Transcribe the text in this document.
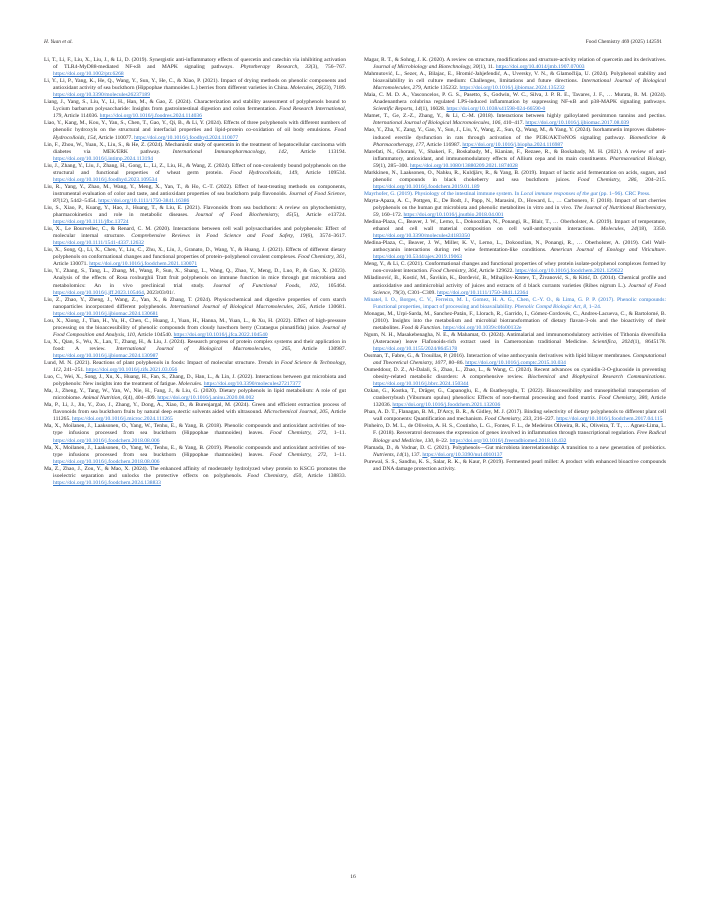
H. Yuan et al.	Food Chemistry 469 (2025) 142591

Li, T., Li, F., Liu, X., Liu, J., & Li, D. (2019). Synergistic anti-inflammatory effects of quercetin and catechin via inhibiting activation of TLR4-MyD88-mediated NF-κB and MAPK signaling pathways. Phytotherapy Research, 33(3), 756–767. https://doi.org/10.1002/ptr.6268

Li, Y., Li, P., Yang, K., He, Q., Wang, Y., Sun, Y., He, C., & Xiao, P. (2021). Impact of drying methods on phenolic components and antioxidant activity of sea buckthorn (Hippophae rhamnoides L.) berries from different varieties in China. Molecules, 26(23), 7189. https://doi.org/10.3390/molecules26237189

Liang, J., Yang, S., Liu, Y., Li, H., Han, M., & Gao, Z. (2024). Characterization and stability assessment of polyphenols bound to Lycium barbarum polysaccharide: Insights from gastrointestinal digestion and colon fermentation. Food Research International, 179, Article 114036. https://doi.org/10.1016/j.foodres.2024.114036

Liao, Y., Kang, M., Kou, Y., Yan, S., Chen, T., Gao, Y., Qi, B., & Li, Y. (2024). Effects of three polyphenols with different numbers of phenolic hydroxyls on the structural and interfacial properties and lipid-protein co-oxidation of oil body emulsions. Food Hydrocolloids, 154, Article 110077. https://doi.org/10.1016/j.foodhyd.2024.110077

Lin, F., Zhou, W., Yuan, X., Liu, S., & He, Z. (2024). Mechanistic study of quercetin in the treatment of hepatocellular carcinoma with diabetes via MEK/ERK pathway. International Immunopharmacology, 142, Article 113194. https://doi.org/10.1016/j.intimp.2024.113194

Liu, J., Zhang, Y., Liu, J., Zhang, H., Gong, L., Li, Z., Liu, H., & Wang, Z. (2024). Effect of non-covalently bound polyphenols on the structural and functional properties of wheat germ protein. Food Hydrocolloids, 149, Article 109534. https://doi.org/10.1016/j.foodhyd.2023.109534

Liu, R., Yang, Y., Zhao, M., Wang, Y., Meng, X., Yan, T., & Ho, C.-T. (2022). Effect of heat-treating methods on components, instrumental evaluation of color and taste, and antioxidant properties of sea buckthorn pulp flavonoids. Journal of Food Science, 87(12), 5442–5454. https://doi.org/10.1111/1750-3841.16386

Liu, S., Xiao, P., Kuang, Y., Hao, J., Huang, T., & Liu, E. (2021). Flavonoids from sea buckthorn: A review on phytochemistry, pharmacokinetics and role in metabolic diseases. Journal of Food Biochemistry, 45(5), Article e13724. https://doi.org/10.1111/jfbc.13724

Liu, X., Le Bourvellec, C., & Renard, C. M. (2020). Interactions between cell wall polysaccharides and polyphenols: Effect of molecular internal structure. Comprehensive Reviews in Food Science and Food Safety, 19(6), 3574–3617. https://doi.org/10.1111/1541-4337.12632

Liu, X., Song, Q., Li, X., Chen, Y., Liu, C., Zhu, X., Liu, J., Granato, D., Wang, Y., & Huang, J. (2021). Effects of different dietary polyphenols on conformational changes and functional properties of protein–polyphenol covalent complexes. Food Chemistry, 361, Article 130071. https://doi.org/10.1016/j.foodchem.2021.130071

Liu, Y., Zhang, S., Tang, L., Zhang, M., Wang, P., Sun, X., Shang, L., Wang, Q., Zhao, Y., Meng, D., Luo, P., & Gao, X. (2023). Analysis of the effects of Rosa roxburghii Tratt fruit polyphenols on immune function in mice through gut microbiota and metabolomics: An in vivo preclinical trial study. Journal of Functional Foods, 102, 105464. https://doi.org/10.1016/j.jff.2023.105464, 2023/03/01/.

Liu, Z., Zhao, Y., Zheng, J., Wang, Z., Yan, X., & Zhang, T. (2024). Physicochemical and digestive properties of corn starch nanoparticles incorporated different polyphenols. International Journal of Biological Macromolecules, 265, Article 130681. https://doi.org/10.1016/j.ijbiomac.2024.130681

Lou, X., Xiong, J., Tian, H., Yu, H., Chen, C., Huang, J., Yuan, H., Hanna, M., Yuan, L., & Xu, H. (2022). Effect of high-pressure processing on the bioaccessibility of phenolic compounds from cloudy hawthorn berry (Crataegus pinnatifida) juice. Journal of Food Composition and Analysis, 110, Article 104540. https://doi.org/10.1016/j.jfca.2022.104540

Lu, X., Qian, S., Wu, X., Lan, T., Zhang, H., & Liu, J. (2024). Research progress of protein complex systems and their application in food: A review. International Journal of Biological Macromolecules, 265, Article 130987. https://doi.org/10.1016/j.ijbiomac.2024.130987

Lund, M. N. (2021). Reactions of plant polyphenols in foods: Impact of molecular structure. Trends in Food Science & Technology, 112, 241–251. https://doi.org/10.1016/j.tifs.2021.03.056

Luo, C., Wei, X., Song, J., Xu, X., Huang, H., Fan, S., Zhang, D., Han, L., & Lin, J. (2022). Interactions between gut microbiota and polyphenols: New insights into the treatment of fatigue. Molecules. https://doi.org/10.3390/molecules27217377

Ma, J., Zheng, Y., Tang, W., Yan, W., Nie, H., Fang, J., & Liu, G. (2020). Dietary polyphenols in lipid metabolism: A role of gut microbiome. Animal Nutrition, 6(4), 404–409. https://doi.org/10.1016/j.aninu.2020.08.002

Ma, P., Li, J., Jin, Y., Zuo, J., Zhang, Y., Dong, A., Xiao, D., & Burenjargal, M. (2024). Green and efficient extraction process of flavonoids from sea buckthorn fruits by natural deep eutectic solvents aided with ultrasound. Microchemical Journal, 205, Article 111265. https://doi.org/10.1016/j.microc.2024.111265

Ma, X., Moilanen, J., Laaksonen, O., Yang, W., Tenhu, E., & Yang, B. (2018). Phenolic compounds and antioxidant activities of tea-type infusions processed from sea buckthorn (Hippophae rhamnoides) leaves. Food Chemistry, 272, 1–11. https://doi.org/10.1016/j.foodchem.2018.08.006

Ma, X., Moilanen, J., Laaksonen, O., Yang, W., Tenhu, E., & Yang, B. (2019). Phenolic compounds and antioxidant activities of tea-type infusions processed from sea buckthorn (Hippophae rhamnoides) leaves. Food Chemistry, 272, 1–11. https://doi.org/10.1016/j.foodchem.2018.08.006

Ma, Z., Zhao, J., Zou, Y., & Mao, X. (2024). The enhanced affinity of moderately hydrolyzed whey protein to KSCG promotes the isoelectric separation and unlocks the protective effects on polyphenols. Food Chemistry, 450, Article 138833. https://doi.org/10.1016/j.foodchem.2024.138833

Magar, R. T., & Sohng, J. K. (2020). A review on structure, modifications and structure-activity relation of quercetin and its derivatives. Journal of Microbiology and Biotechnology, 30(1), 11. https://doi.org/10.4014/jmb.1907.07003

Mahmutović, L., Sezer, A., Bilajac, E., Hromić-Jahjefendić, A., Uversky, V. N., & Glamočlija, U. (2024). Polyphenol stability and bioavailability in cell culture medium: Challenges, limitations and future directions. International Journal of Biological Macromolecules, 279, Article 135232. https://doi.org/10.1016/j.ijbiomac.2024.135232

Maia, C. M. D. A., Vasconcelos, P. G. S., Pasetto, S., Godwin, W. C., Silva, J. P. R. E., Tavares, J. F., … Murata, R. M. (2024). Anadenanthera colubrina regulated LPS-induced inflammation by suppressing NF-κB and p38-MAPK signaling pathways. Scientific Reports, 14(1), 16028. https://doi.org/10.1038/s41598-024-66590-0

Mamet, T., Ge, Z.-Z., Zhang, Y., & Li, C.-M. (2018). Interactions between highly galloylated persimmon tannins and pectins. International Journal of Biological Macromolecules, 106, 410–417. https://doi.org/10.1016/j.ijbiomac.2017.08.039

Mao, Y., Zha, Y., Zang, Y., Gao, Y., Sun, J., Liu, Y., Wang, Z., Sun, Q., Wang, M., & Yang, Y. (2024). Isorhamnetin improves diabetes-induced erectile dysfunction in rats through activation of the PI3K/AKT/eNOS signaling pathway. Biomedicine & Pharmacotherapy, 177, Article 116987. https://doi.org/10.1016/j.biopha.2024.116987

Marefati, N., Ghorani, V., Shakeri, F., Boskabady, M., Kianian, F., Rezaee, R., & Boskabady, M. H. (2021). A review of anti-inflammatory, antioxidant, and immunomodulatory effects of Allium cepa and its main constituents. Pharmaceutical Biology, 59(1), 285–300. https://doi.org/10.1080/13880209.2021.1874028

Markkinen, N., Laaksonen, O., Nahku, R., Kuldjärv, R., & Yang, B. (2019). Impact of lactic acid fermentation on acids, sugars, and phenolic compounds in black chokeberry and sea buckthorn juices. Food Chemistry, 286, 204–215. https://doi.org/10.1016/j.foodchem.2019.01.189

Mayrhofer, G. (2019). Physiology of the intestinal immune system. In Local immune responses of the gut (pp. 1–96). CRC Press.

Mayta-Apaza, A. C., Pottgen, E., De Bodt, J., Papp, N., Marasini, D., Howard, L., … Carbonero, F. (2018). Impact of tart cherries polyphenols on the human gut microbiota and phenolic metabolites in vitro and in vivo. The Journal of Nutritional Biochemistry, 59, 160–172. https://doi.org/10.1016/j.jnutbio.2018.04.001

Medina-Plaza, C., Beaver, J. W., Lerno, L., Dokoozlian, N., Ponangi, R., Blair, T., … Oberholster, A. (2019). Impact of temperature, ethanol and cell wall material composition on cell wall-anthocyanin interactions. Molecules, 24(18), 3350. https://doi.org/10.3390/molecules24183350

Medina-Plaza, C., Beaver, J. W., Miller, K. V., Lerno, L., Dokoozlian, N., Ponangi, R., … Oberholster, A. (2019). Cell Wall-anthocyanin interactions during red wine fermentation-like conditions. American Journal of Enology and Viticulture. https://doi.org/10.5344/ajev.2019.19063

Meng, Y., & Li, C. (2021). Conformational changes and functional properties of whey protein isolate-polyphenol complexes formed by non-covalent interaction. Food Chemistry, 364, Article 129622. https://doi.org/10.1016/j.foodchem.2021.129622

Miladinović, B., Kostić, M., Šavikin, K., Đorđević, B., Mihajilov-Krstev, T., Živanović, S., & Kitić, D. (2014). Chemical profile and antioxidative and antimicrobial activity of juices and extracts of 4 black currants varieties (Ribes nigrum L.). Journal of Food Science, 79(3), C301–C309. https://doi.org/10.1111/1750-3841.12364

Minatel, I. O., Borges, C. V., Ferreira, M. I., Gomez, H. A. G., Chen, C.-Y. O., & Lima, G. P. P. (2017). Phenolic compounds: Functional properties, impact of processing and bioavailability. Phenolic Compd Biologic Act, 8, 1–24.

Monagas, M., Urpi-Sarda, M., Sanchez-Patán, F., Llorach, R., Garrido, I., Gómez-Cordovés, C., Andres-Lacueva, C., & Bartolomé, B. (2010). Insights into the metabolism and microbial biotransformation of dietary flavan-3-ols and the bioactivity of their metabolites. Food & Function. https://doi.org/10.1039/c0fo00132e

Ngum, N. H., Masakebenagha, N. E., & Mahamat, O. (2024). Antimalarial and immunomodulatory activities of Tithonia diversifolia (Asteraceae) leave Flafonoids-rich extract used in Cameroonian traditional Medicine. Scientifica, 2024(1), 8645178. https://doi.org/10.1155/2024/8645178

Ossman, T., Fabre, G., & Trouillas, P. (2016). Interaction of wine anthocyanin derivatives with lipid bilayer membranes. Computational and Theoretical Chemistry, 1077, 80–86. https://doi.org/10.1016/j.comptc.2015.10.034

Oumeddour, D. Z., Al-Dalali, S., Zhao, L., Zhao, L., & Wang, C. (2024). Recent advances on cyanidin-3-O-glucoside in preventing obesity-related metabolic disorders: A comprehensive review. Biochemical and Biophysical Research Communications. https://doi.org/10.1016/j.bbrc.2024.150344

Ozkan, G., Kostka, T., Dräger, G., Capanoglu, E., & Esatbeyoglu, T. (2022). Bioaccessibility and transepithelial transportation of cranberrybush (Viburnum opulus) phenolics: Effects of non-thermal processing and food matrix. Food Chemistry, 380, Article 132036. https://doi.org/10.1016/j.foodchem.2021.132036

Phan, A. D. T., Flanagan, B. M., D'Arcy, B. R., & Gidley, M. J. (2017). Binding selectivity of dietary polyphenols to different plant cell wall components: Quantification and mechanism. Food Chemistry, 233, 216–227. https://doi.org/10.1016/j.foodchem.2017.04.115

Pinheiro, D. M. L., de Oliveira, A. H. S., Coutinho, L. G., Fontes, F. L., de Medeiros Oliveira, R. K., Oliveira, T. T., … Agnez-Lima, L. F. (2018). Resveratrol decreases the expression of genes involved in inflammation through transcriptional regulation. Free Radical Biology and Medicine, 130, 8–22. https://doi.org/10.1016/j.freeradbiomed.2018.10.432

Plamada, D., & Vodnar, D. C. (2021). Polyphenols—Gut microbiota interrelationship: A transition to a new generation of prebiotics. Nutrients, 14(1), 137. https://doi.org/10.3390/nu14010137

Purewal, S. S., Sandhu, K. S., Salar, R. K., & Kaur, P. (2019). Fermented pearl millet: A product with enhanced bioactive compounds and DNA damage protection activity.

16
